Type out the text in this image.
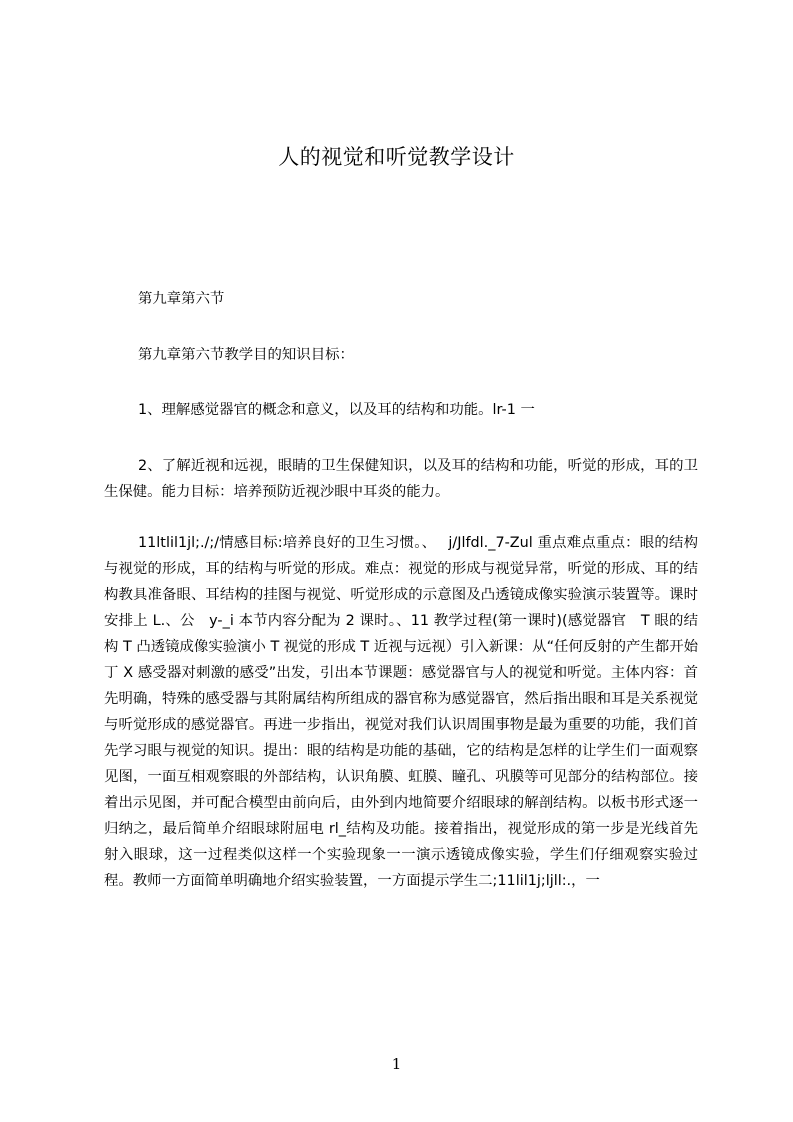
人的视觉和听觉教学设计
第九章第六节
第九章第六节教学目的知识目标：
1、理解感觉器官的概念和意义，以及耳的结构和功能。lr-1 一
2、了解近视和远视，眼睛的卫生保健知识，以及耳的结构和功能，听觉的形成，耳的卫生保健。能力目标：培养预防近视沙眼中耳炎的能力。
11ltlil1jl;./;/情感目标:培养良好的卫生习惯。、　 j/Jlfdl._7-Zul 重点难点重点：眼的结构与视觉的形成，耳的结构与听觉的形成。难点：视觉的形成与视觉异常，听觉的形成、耳的结构教具准备眼、耳结构的挂图与视觉、听觉形成的示意图及凸透镜成像实验演示装置等。课时安排上 L.、公　y-_i 本节内容分配为 2 课时。、11 教学过程(第一课时)(感觉器官　T 眼的结构 T 凸透镜成像实验演小 T 视觉的形成 T 近视与远视）引入新课：从“任何反射的产生都开始丁 X 感受器对刺激的感受”出发，引出本节课题：感觉器官与人的视觉和听觉。主体内容：首先明确，特殊的感受器与其附属结构所组成的器官称为感觉器官，然后指出眼和耳是关系视觉与听觉形成的感觉器官。再进一步指出，视觉对我们认识周围事物是最为重要的功能，我们首先学习眼与视觉的知识。提出：眼的结构是功能的基础，它的结构是怎样的让学生们一面观察见图，一面互相观察眼的外部结构，认识角膜、虹膜、瞳孔、巩膜等可见部分的结构部位。接着出示见图，并可配合模型由前向后，由外到内地简要介绍眼球的解剖结构。以板书形式逐一归纳之，最后简单介绍眼球附屈电 rl_结构及功能。接着指出，视觉形成的第一步是光线首先射入眼球，这一过程类似这样一个实验现象一一演示透镜成像实验，学生们仔细观察实验过程。教师一方面简单明确地介绍实验装置，一方面提示学生二;11lil1j;ljll:.，一
1
